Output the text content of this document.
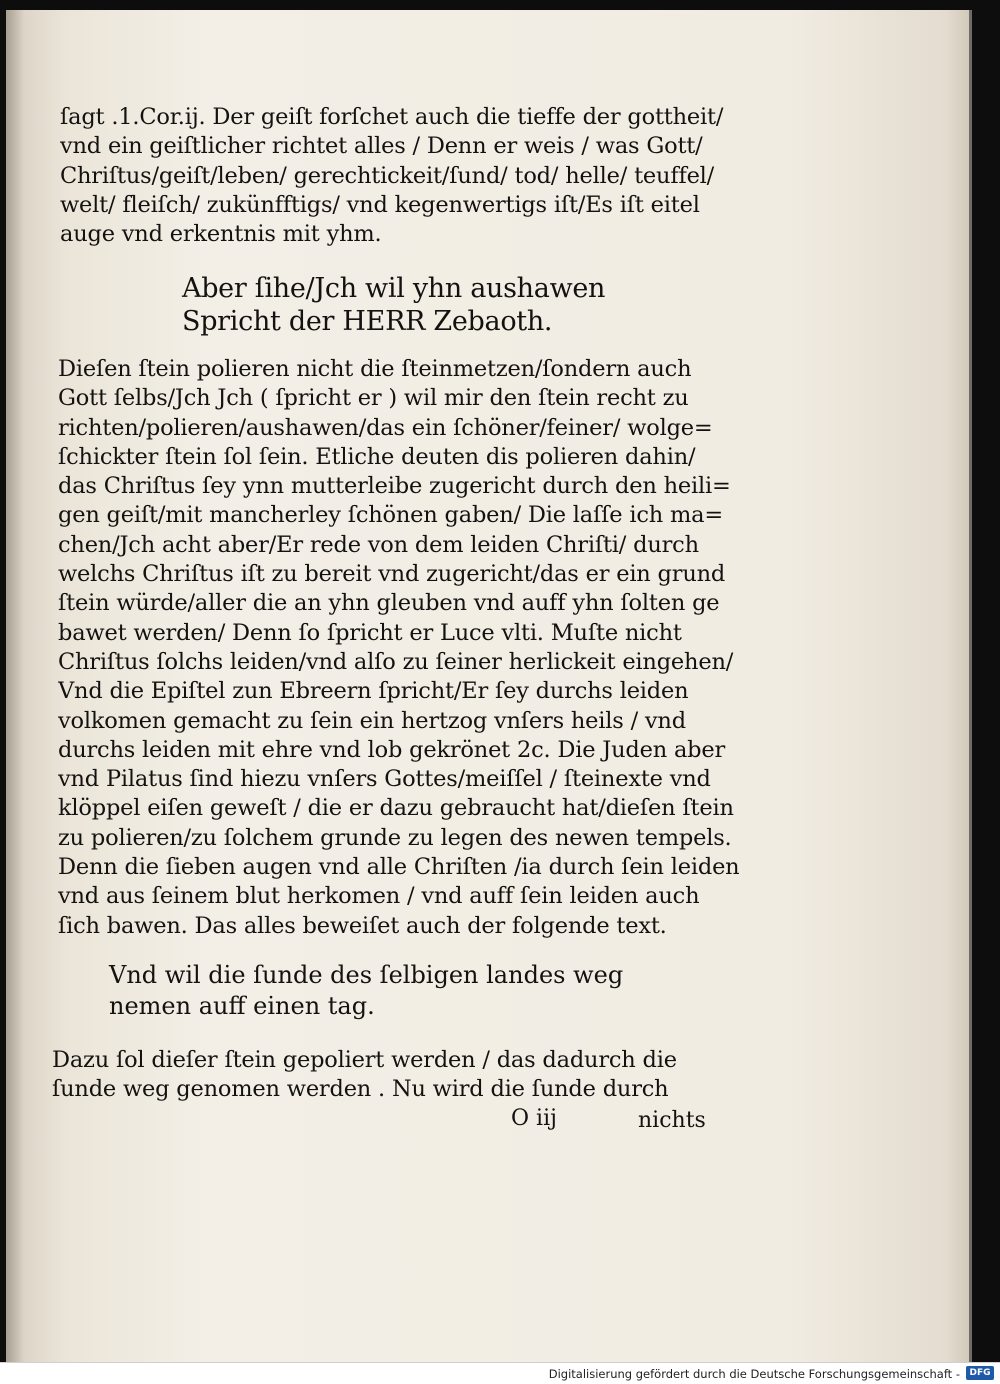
ſagt .1.Cor.ij. Der geiſt forſchet auch die tieffe der gottheit/
vnd ein geiſtlicher richtet alles / Denn er weis / was Gott/
Chriſtus/geiſt/leben/ gerechtickeit/ſund/ tod/ helle/ teuffel/
welt/ fleiſch/ zukünfftigs/ vnd kegenwertigs iſt/Es iſt eitel
auge vnd erkentnis mit yhm.
Aber ſihe/Jch wil yhn aushawen
Spricht der HERR Zebaoth.
Dieſen ſtein polieren nicht die ſteinmetzen/ſondern auch
Gott ſelbs/Jch Jch ( ſpricht er ) wil mir den ſtein recht zu
richten/polieren/aushawen/das ein ſchöner/feiner/ wolge=
ſchickter ſtein ſol ſein. Etliche deuten dis polieren dahin/
das Chriſtus ſey ynn mutterleibe zugericht durch den heili=
gen geiſt/mit mancherley ſchönen gaben/ Die laſſe ich ma=
chen/Jch acht aber/Er rede von dem leiden Chriſti/ durch
welchs Chriſtus iſt zu bereit vnd zugericht/das er ein grund
ſtein würde/aller die an yhn gleuben vnd auff yhn ſolten ge
bawet werden/ Denn ſo ſpricht er Luce vlti. Muſte nicht
Chriſtus ſolchs leiden/vnd alſo zu ſeiner herlickeit eingehen/
Vnd die Epiſtel zun Ebreern ſpricht/Er ſey durchs leiden
volkomen gemacht zu ſein ein hertzog vnſers heils / vnd
durchs leiden mit ehre vnd lob gekrönet 2c. Die Juden aber
vnd Pilatus ſind hiezu vnſers Gottes/meiſſel / ſteinexte vnd
klöppel eiſen geweſt / die er dazu gebraucht hat/dieſen ſtein
zu polieren/zu ſolchem grunde zu legen des newen tempels.
Denn die ſieben augen vnd alle Chriſten /ia durch ſein leiden
vnd aus ſeinem blut herkomen / vnd auff ſein leiden auch
ſich bawen. Das alles beweiſet auch der folgende text.
Vnd wil die ſunde des ſelbigen landes weg
nemen auff einen tag.
Dazu ſol dieſer ſtein gepoliert werden / das dadurch die
ſunde weg genomen werden . Nu wird die ſunde durch
O iij	nichts
Digitalisierung gefördert durch die Deutsche Forschungsgemeinschaft -	DFG
